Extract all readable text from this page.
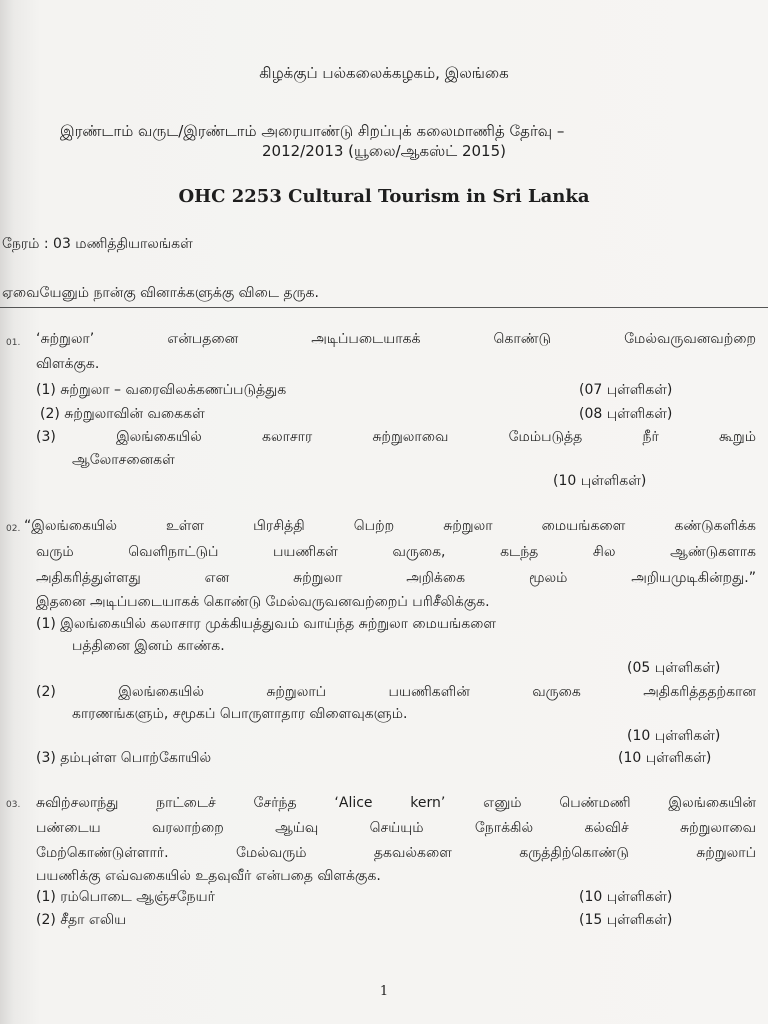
கிழக்குப் பல்கலைக்கழகம், இலங்கை
இரண்டாம் வருட/இரண்டாம் அரையாண்டு சிறப்புக் கலைமாணித் தேர்வு –
2012/2013 (யூலை/ஆகஸ்ட் 2015)
OHC 2253 Cultural Tourism in Sri Lanka
நேரம் : 03 மணித்தியாலங்கள்
ஏவையேனும் நான்கு வினாக்களுக்கு விடை தருக.
01. ‘சுற்றுலா’ என்பதனை அடிப்படையாகக் கொண்டு மேல்வருவனவற்றை
விளக்குக.
(1) சுற்றுலா – வரைவிலக்கணப்படுத்துக	(07 புள்ளிகள்)
(2) சுற்றுலாவின் வகைகள்	(08 புள்ளிகள்)
(3) இலங்கையில் கலாசார சுற்றுலாவை மேம்படுத்த நீர் கூறும்
ஆலோசனைகள்
(10 புள்ளிகள்)
02. “இலங்கையில் உள்ள பிரசித்தி பெற்ற சுற்றுலா மையங்களை கண்டுகளிக்க
வரும் வெளிநாட்டுப் பயணிகள் வருகை, கடந்த சில ஆண்டுகளாக
அதிகரித்துள்ளது என சுற்றுலா அறிக்கை மூலம் அறியமுடிகின்றது.”
இதனை அடிப்படையாகக் கொண்டு மேல்வருவனவற்றைப் பரிசீலிக்குக.
(1) இலங்கையில் கலாசார முக்கியத்துவம் வாய்ந்த சுற்றுலா மையங்களை
பத்தினை இனம் காண்க.
(05 புள்ளிகள்)
(2) இலங்கையில் சுற்றுலாப் பயணிகளின் வருகை அதிகரித்ததற்கான
காரணங்களும், சமூகப் பொருளாதார விளைவுகளும்.
(10 புள்ளிகள்)
(3) தம்புள்ள பொற்கோயில்	(10 புள்ளிகள்)
03. சுவிற்சலாந்து நாட்டைச் சேர்ந்த ‘Alice kern’ எனும் பெண்மணி இலங்கையின்
பண்டைய வரலாற்றை ஆய்வு செய்யும் நோக்கில் கல்விச் சுற்றுலாவை
மேற்கொண்டுள்ளார். மேல்வரும் தகவல்களை கருத்திற்கொண்டு சுற்றுலாப்
பயணிக்கு எவ்வகையில் உதவுவீர் என்பதை விளக்குக.
(1) ரம்பொடை ஆஞ்சநேயர்	(10 புள்ளிகள்)
(2) சீதா எலிய	(15 புள்ளிகள்)
1
